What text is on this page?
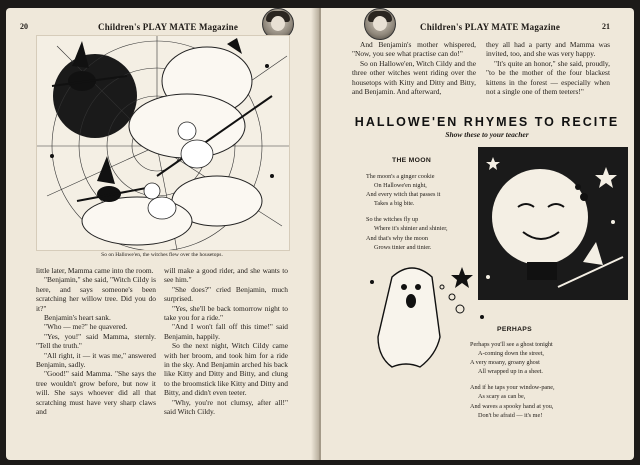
20	Children's PLAY MATE Magazine
So on Hallowe'en, the witches flew over the housetops.

little later, Mamma came into the room.

"Benjamin," she said, "Witch Cildy is here, and says someone's been scratching her willow tree. Did you do it?"

Benjamin's heart sank.

"Who — me?" he quavered.

"Yes, you!" said Mamma, sternly. "Tell the truth."

"All right, it — it was me," answered Benjamin, sadly.

"Good!" said Mamma. "She says the tree wouldn't grow before, but now it will. She says whoever did all that scratching must have very sharp claws and

will make a good rider, and she wants to see him."

"She does?" cried Benjamin, much surprised.

"Yes, she'll be back tomorrow night to take you for a ride."

"And I won't fall off this time!" said Benjamin, happily.

So the next night, Witch Cildy came with her broom, and took him for a ride in the sky. And Benjamin arched his back like Kitty and Ditty and Bitty, and clung to the broomstick like Kitty and Ditty and Bitty, and didn't even teeter.

"Why, you're not clumsy, after all!" said Witch Cildy.

Children's PLAY MATE Magazine	21

And Benjamin's mother whispered, "Now, you see what practise can do!"

So on Hallowe'en, Witch Cildy and the three other witches went riding over the housetops with Kitty and Ditty and Bitty, and Benjamin. And afterward,

they all had a party and Mamma was invited, too, and she was very happy.

"It's quite an honor," she said, proudly, "to be the mother of the four blackest kittens in the forest — especially when not a single one of them teeters!"

HALLOWE'EN RHYMES TO RECITE
Show these to your teacher
THE MOON
The moon's a ginger cookie
On Hallowe'en night,
And every witch that passes it
Takes a big bite.
So the witches fly up
Where it's shinier and shinier,
And that's why the moon
Grows tinier and tinier.
PERHAPS
Perhaps you'll see a ghost tonight
A-coming down the street,
A very moany, groany ghost
All wrapped up in a sheet.
And if he taps your window-pane,
As scary as can be,
And waves a spooky hand at you,
Don't be afraid — it's me!
